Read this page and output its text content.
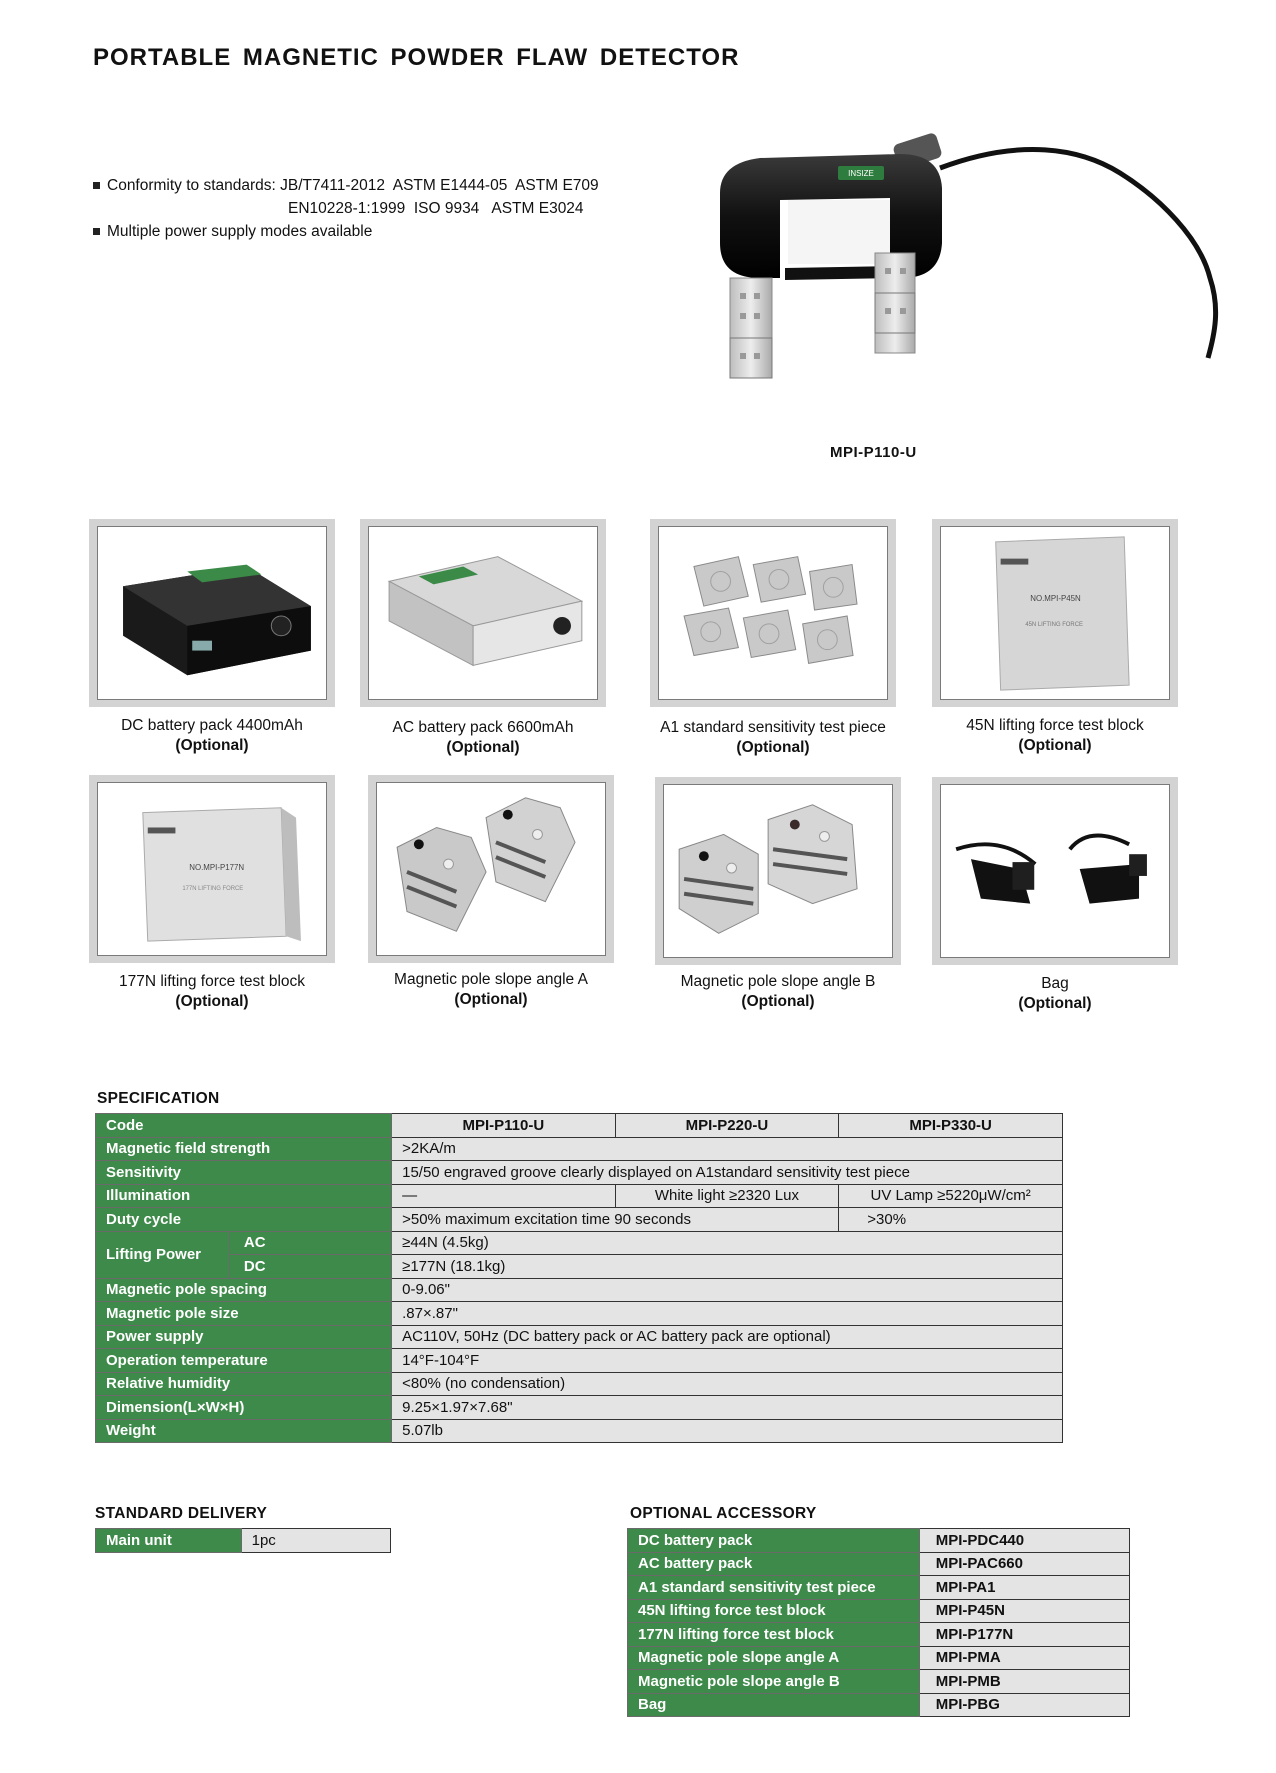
PORTABLE MAGNETIC POWDER FLAW DETECTOR
Conformity to standards: JB/T7411-2012  ASTM E1444-05  ASTM E709
EN10228-1:1999  ISO 9934   ASTM E3024
Multiple power supply modes available
INSIZE
MPI-P110-U
DC battery pack 4400mAh
(Optional)
AC battery pack 6600mAh
(Optional)
A1 standard sensitivity test piece
(Optional)
NO.MPI-P45N
45N LIFTING FORCE
45N lifting force test block
(Optional)
NO.MPI-P177N
177N LIFTING FORCE
177N lifting force test block
(Optional)
Magnetic pole slope angle A
(Optional)
Magnetic pole slope angle B
(Optional)
Bag
(Optional)
SPECIFICATION
Code		MPI-P110-U	MPI-P220-U	MPI-P330-U
Magnetic field strength		>2KA/m		
Sensitivity		15/50 engraved groove clearly displayed on A1standard sensitivity test piece		
Illumination		—	White light ≥2320 Lux	UV Lamp ≥5220μW/cm²
Duty cycle		>50% maximum excitation time 90 seconds		>30%
Lifting Power	AC	≥44N (4.5kg)		
	DC	≥177N (18.1kg)		
Magnetic pole spacing		0-9.06"		
Magnetic pole size		.87×.87"		
Power supply		AC110V, 50Hz (DC battery pack or AC battery pack are optional)		
Operation temperature		14°F-104°F		
Relative humidity		<80% (no condensation)		
Dimension(L×W×H)		9.25×1.97×7.68"		
Weight		5.07lb		
STANDARD DELIVERY
Main unit	1pc
OPTIONAL ACCESSORY
DC battery pack	MPI-PDC440
AC battery pack	MPI-PAC660
A1 standard sensitivity test piece	MPI-PA1
45N lifting force test block	MPI-P45N
177N lifting force test block	MPI-P177N
Magnetic pole slope angle A	MPI-PMA
Magnetic pole slope angle B	MPI-PMB
Bag	MPI-PBG
